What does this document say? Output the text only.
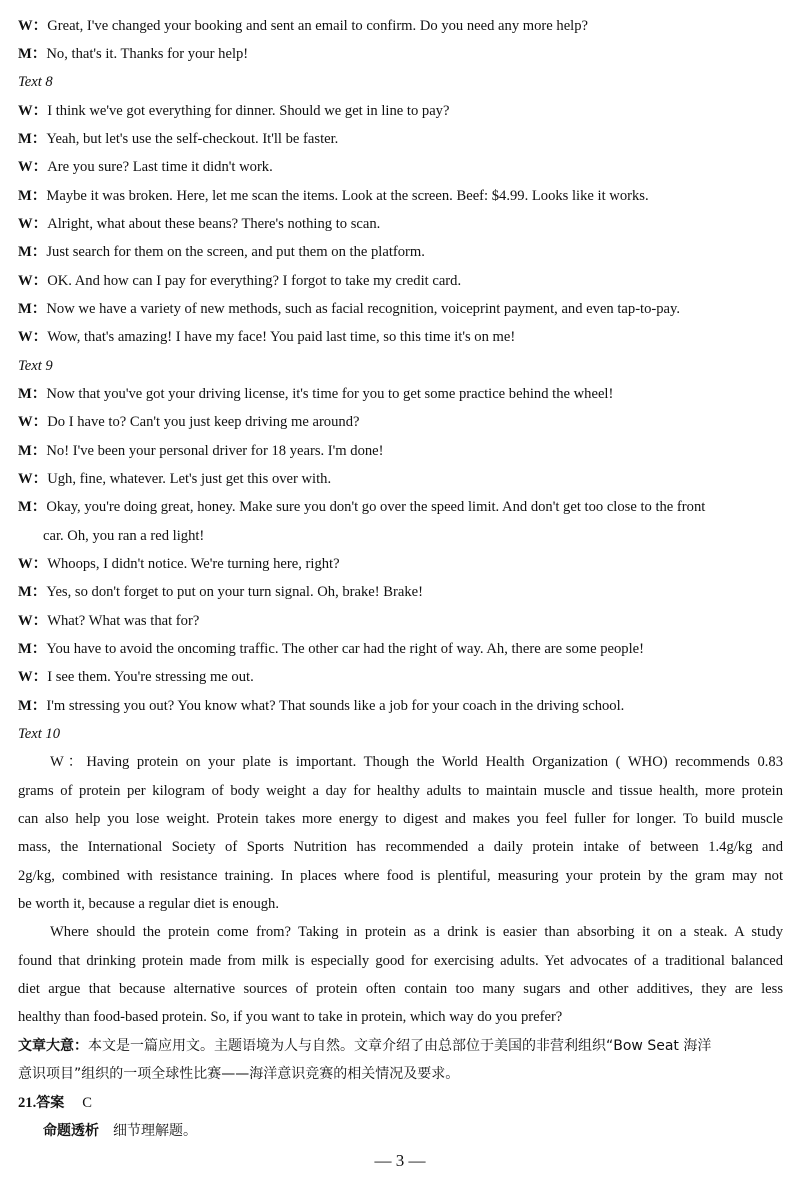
W：Great, I've changed your booking and sent an email to confirm. Do you need any more help?
M：No, that's it. Thanks for your help!
Text 8
W：I think we've got everything for dinner. Should we get in line to pay?
M：Yeah, but let's use the self-checkout. It'll be faster.
W：Are you sure? Last time it didn't work.
M：Maybe it was broken. Here, let me scan the items. Look at the screen. Beef: $4.99. Looks like it works.
W：Alright, what about these beans? There's nothing to scan.
M：Just search for them on the screen, and put them on the platform.
W：OK. And how can I pay for everything? I forgot to take my credit card.
M：Now we have a variety of new methods, such as facial recognition, voiceprint payment, and even tap-to-pay.
W：Wow, that's amazing! I have my face! You paid last time, so this time it's on me!
Text 9
M：Now that you've got your driving license, it's time for you to get some practice behind the wheel!
W：Do I have to? Can't you just keep driving me around?
M：No! I've been your personal driver for 18 years. I'm done!
W：Ugh, fine, whatever. Let's just get this over with.
M：Okay, you're doing great, honey. Make sure you don't go over the speed limit. And don't get too close to the front
car. Oh, you ran a red light!
W：Whoops, I didn't notice. We're turning here, right?
M：Yes, so don't forget to put on your turn signal. Oh, brake! Brake!
W：What? What was that for?
M：You have to avoid the oncoming traffic. The other car had the right of way. Ah, there are some people!
W：I see them. You're stressing me out.
M：I'm stressing you out? You know what? That sounds like a job for your coach in the driving school.
Text 10
W：Having protein on your plate is important. Though the World Health Organization ( WHO) recommends 0.83
grams of protein per kilogram of body weight a day for healthy adults to maintain muscle and tissue health, more protein
can also help you lose weight. Protein takes more energy to digest and makes you feel fuller for longer. To build muscle
mass, the International Society of Sports Nutrition has recommended a daily protein intake of between 1.4g/kg and
2g/kg, combined with resistance training. In places where food is plentiful, measuring your protein by the gram may not
be worth it, because a regular diet is enough.
Where should the protein come from? Taking in protein as a drink is easier than absorbing it on a steak. A study
found that drinking protein made from milk is especially good for exercising adults. Yet advocates of a traditional balanced
diet argue that because alternative sources of protein often contain too many sugars and other additives, they are less
healthy than food-based protein. So, if you want to take in protein, which way do you prefer?
文章大意：本文是一篇应用文。主题语境为人与自然。文章介绍了由总部位于美国的非营利组织“Bow Seat 海洋
意识项目”组织的一项全球性比赛——海洋意识竞赛的相关情况及要求。
21.答案 C
命题透析 细节理解题。
— 3 —
